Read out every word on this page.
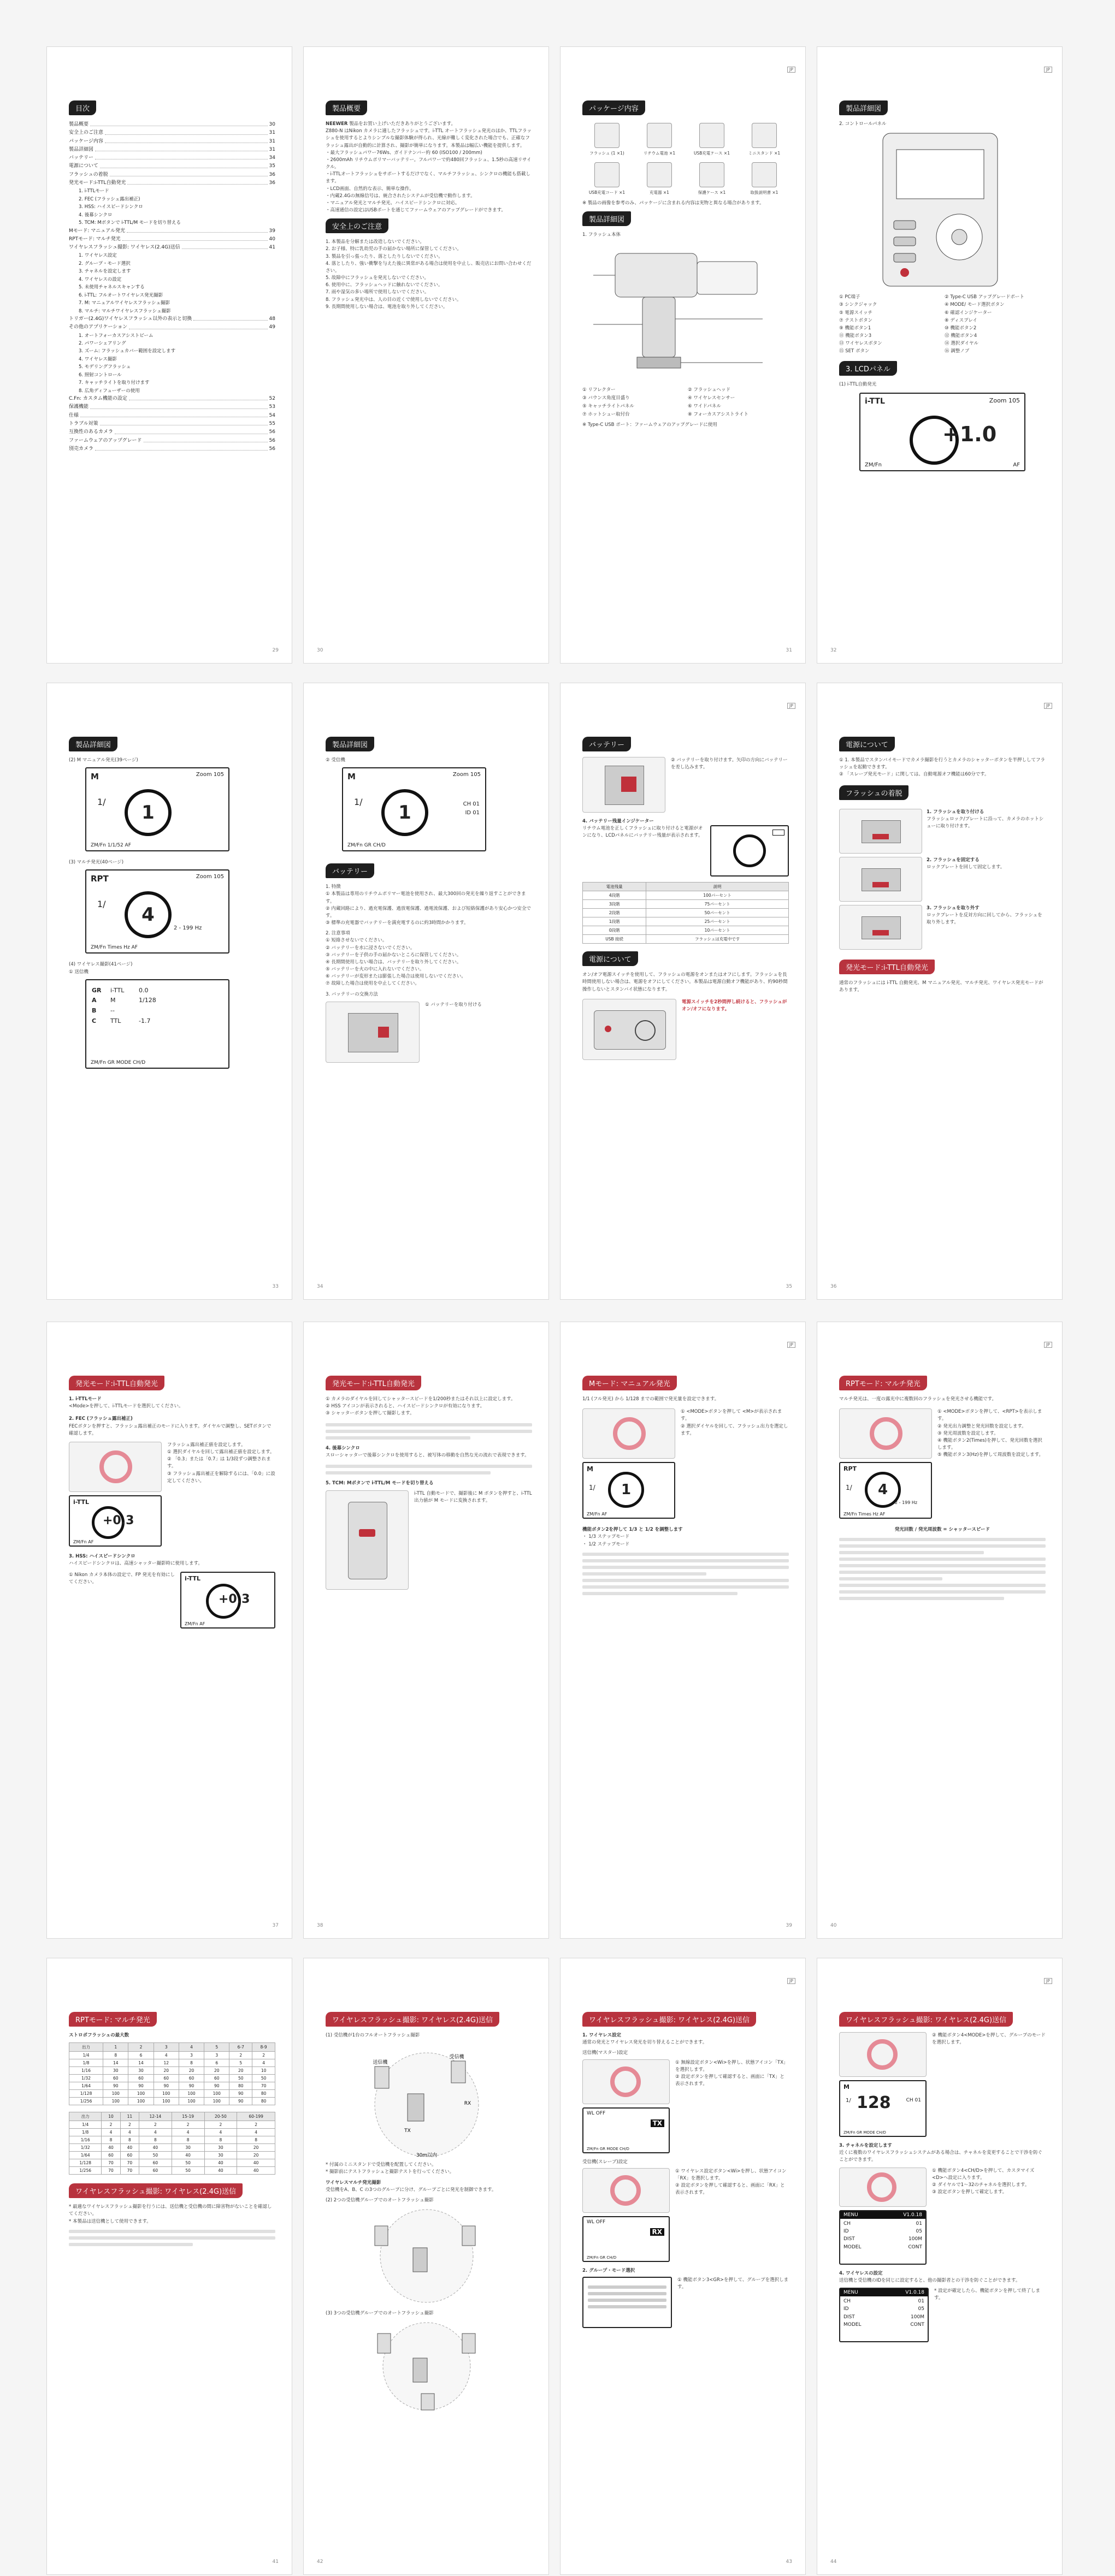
目次
製品概要	30
安全上のご注意	31
パッケージ内容	31
製品詳細図	31
バッテリー	34
電源について	35
フラッシュの着脱	36
発光モード:i-TTL自動発光	36
1. i-TTLモード
2. FEC (フラッシュ露出補正)
3. HSS: ハイスピードシンクロ
4. 後幕シンクロ
5. TCM: Mボタンで i-TTL/M モードを切り替える
Mモード: マニュアル発光	39
RPTモード: マルチ発光	40
ワイヤレスフラッシュ撮影: ワイヤレス(2.4G)送信	41
1. ワイヤレス設定
2. グループ・モード選択
3. チャネルを設定します
4. ワイヤレスの設定
5. 未使用チャネルスキャンする
6. i-TTL: フルオートワイヤレス発光撮影
7. M: マニュアルワイヤレスフラッシュ撮影
8. マルチ: マルチワイヤレスフラッシュ撮影
トリガー(2.4G)ワイヤレスフラッシュ以外の表示と切換	48
その他のアプリケーション	49
1. オートフォーカスアシストビーム
2. パワーシェアリング
3. ズーム: フラッシュカバー範囲を設定します
4. ワイヤレス撮影
5. モデリングフラッシュ
6. 照射コントロール
7. キャッチライトを取り付けます
8. 広角ディフューザーの使用
C.Fn: カスタム機能の設定	52
保護機能	53
仕様	54
トラブル対策	55
互換性のあるカメラ	56
ファームウェアのアップグレード	56
別売カメラ	56
29
製品概要

NEEWER 製品をお買い上げいただきありがとうございます。

Z880-N はNikon カメラに適したフラッシュです。i-TTL オートフラッシュ発光のほか、TTLフラッシュを使用するとよりシンプルな撮影体験が得られ、光線が難しく変化された場合でも、正確なフラッシュ露出が自動的に計算され、撮影が簡単になります。本製品は幅広い機能を提供します。

・最大フラッシュパワー76Ws、ガイドナンバー約 60 (ISO100 / 200mm)

・2600mAh リチウムポリマーバッテリー。フルパワーで約480回フラッシュ、1.5秒の高速リサイクル。

・i-TTLオートフラッシュをサポートするだけでなく、マルチフラッシュ、シンクロの機能も搭載します。

・LCD画面、自然的な表示、簡単な操作。

・内蔵2.4Gの無線信号は、統合されたシステムが受信機で動作します。

・マニュアル発光とマルチ発光、ハイスピードシンクロに対応。

・高速通信の設定はUSBポートを通じてファームウェアのアップグレードができます。

安全上のご注意

1. 本製品を分解または改造しないでください。

2. お子様、特に乳幼児の手の届かない場所に保管してください。

3. 製品を引っ張ったり、落としたりしないでください。

4. 落としたり、強い衝撃を与えた後に異常がある場合は使用を中止し、販売店にお問い合わせください。

5. 故障中にフラッシュを発光しないでください。

6. 使用中に、フラッシュヘッドに触れないでください。

7. 雨や湿気の多い場所で使用しないでください。

8. フラッシュ発光中は、人の目の近くで使用しないでください。

9. 長期間使用しない場合は、電池を取り外してください。

30
JP
パッケージ内容
フラッシュ (1 ×1)	リチウム電池 ×1	USB充電ケース ×1	ミニスタンド ×1
USB充電コード ×1	充電器 ×1	保護ケース ×1	取扱説明書 ×1

※ 製品の画像を参考のみ、パッケージに含まれる内容は実物と異なる場合があります。

製品詳細図

1. フラッシュ本体

① リフレクター	② フラッシュヘッド

③ バウンス角度目盛り	④ ワイヤレスセンサー

⑤ キャッチライトパネル	⑥ ワイドパネル

⑦ ホットシュー取付台	⑧ フォーカスアシストライト

※ Type-C USB ポート：ファームウェアのアップグレードに使用

31
JP
製品詳細図

2. コントロールパネル

① PC端子	② Type-C USB アップグレードポート

③ シンクジャック	④ MODE/ モード選択ボタン

⑤ 電源スイッチ	⑥ 確認インジケーター

⑦ テストボタン	⑧ ディスプレイ

⑨ 機能ボタン1	⑩ 機能ボタン2

⑪ 機能ボタン3	⑫ 機能ボタン4

⑬ ワイヤレスボタン	⑭ 選択ダイヤル

⑮ SET ボタン	⑯ 調整ノブ

3. LCDパネル

(1) i-TTL自動発光

i-TTL	Zoom 105
+1.0
ZM/Fn	AF
32
製品詳細図

(2) M マニュアル発光(39ページ)

M	Zoom 105
1/	1
ZM/Fn 1/1/52 AF

(3) マルチ発光(40ページ)

RPT	Zoom 105
1/	4
2 - 199 Hz
ZM/Fn Times Hz AF

(4) ワイヤレス撮影(41ページ)

① 送信機

GR	i-TTL	0.0
A	M	1/128
B	--
C	TTL	-1.7
ZM/Fn GR MODE CH/D
33
製品詳細図

② 受信機

M	Zoom 105
1/	1	CH 01
ID 01
ZM/Fn GR CH/D
バッテリー

1. 特徴

① 本製品は専用のリチウムポリマー電池を使用され、最大300回の発光を繰り返すことができます。

② 内蔵回路により、過充電保護、過放電保護、過電流保護、および短絡保護があり安心かつ安全です。

③ 標準の充電器でバッテリーを満充電するのに約3時間かかります。

2. 注意事項

① 短絡させないでください。

② バッテリーを水に浸さないでください。

③ バッテリーを子供の手の届かないところに保管してください。

④ 長期間使用しない場合は、バッテリーを取り外してください。

⑤ バッテリーを火の中に入れないでください。

⑥ バッテリーが変形または膨張した場合は使用しないでください。

⑦ 故障した場合は使用を中止してください。

3. バッテリーの交換方法

① バッテリーを取り付ける

34
JP
バッテリー

② バッテリーを取り付けます。矢印の方向にバッテリーを差し込みます。

4. バッテリー残量インジケーター

リチウム電池を正しくフラッシュに取り付けると電源がオンになり、LCDパネルにバッテリー残量が表示されます。

電池残量	説明
4段階	100パーセント
3段階	75パーセント
2段階	50パーセント
1段階	25パーセント
0段階	10パーセント
USB 接続	フラッシュは充電中です
電源について

オン/オフ電源スイッチを使用して、フラッシュの電源をオンまたはオフにします。フラッシュを長時間使用しない場合は、電源をオフにしてください。本製品は電源自動オフ機能があり、約90秒間操作しないとスタンバイ状態になります。

電源スイッチを2秒間押し続けると、フラッシュがオン/オフになります。

35
JP
電源について

① 1. 本製品でスタンバイモードでカメラ撮影を行うとカメラのシャッターボタンを半押ししてフラッシュを起動できます。

② 「スレーブ発光モード」に関しては、自動電源オフ機能は60分です。

フラッシュの着脱

1. フラッシュを取り付ける

フラッシュロック/プレートに沿って、カメラのホットシューに取り付けます。

2. フラッシュを固定する

ロックプレートを回して固定します。

3. フラッシュを取り外す

ロックプレートを反対方向に回してから、フラッシュを取り外します。

発光モード:i-TTL自動発光

通常のフラッシュには i-TTL 自動発光、M マニュアル発光、マルチ発光、ワイヤレス発光モードがあります。

36
発光モード:i-TTL自動発光

1. i-TTLモード

<Mode>を押して、i-TTLモードを選択してください。

2. FEC (フラッシュ露出補正)

FECボタンを押すと、フラッシュ露出補正のモードに入ります。ダイヤルで調整し、SETボタンで確認します。

i-TTL
+0.3
ZM/Fn AF

フラッシュ露出補正値を設定します。

① 選択ダイヤルを回して露出補正値を設定します。

② 「0.3」または「0.7」は 1/3段ずつ調整されます。

③ フラッシュ露出補正を解除するには、「0.0」に設定してください。

3. HSS: ハイスピードシンクロ

ハイスピードシンクロは、高速シャッター撮影時に使用します。

① Nikon カメラ本体の設定で、FP 発光を有効にしてください。

i-TTL
+0.3
ZM/Fn AF
37
発光モード:i-TTL自動発光

① カメラのダイヤルを回してシャッタースピードを1/200秒またはそれ以上に設定します。

② HSS アイコンが表示されると、ハイスピードシンクロが有効になります。

③ シャッターボタンを押して撮影します。

4. 後幕シンクロ

スローシャッターで後幕シンクロを使用すると、被写体の移動を自然な光の流れで表現できます。

5. TCM: Mボタンで i-TTL/M モードを切り替える

i-TTL 自動モードで、撮影後に M ボタンを押すと、i-TTL 出力値が M モードに変換されます。

38
JP
Mモード: マニュアル発光

1/1 (フル発光) から 1/128 までの範囲で発光量を設定できます。

M
1/	1
ZM/Fn AF

① <MODE>ボタンを押して <M>が表示されます。

② 選択ダイヤルを回して、フラッシュ出力を選定します。

機能ボタン2を押して 1/3 と 1/2 を調整します

・ 1/3 ステップモード

・ 1/2 ステップモード

39
JP
RPTモード: マルチ発光

マルチ発光は、一度の露光中に複数回のフラッシュを発光させる機能です。

RPT
1/	4
2 - 199 Hz
ZM/Fn Times Hz AF

① <MODE>ボタンを押して、<RPT>を表示します。

② 発光出力調整と発光回数を設定します。

③ 発光周波数を設定します。

④ 機能ボタン2(Times)を押して、発光回数を選択します。

⑤ 機能ボタン3(Hz)を押して周波数を設定します。

発光回数 / 発光周波数 = シャッタースピード

40
RPTモード: マルチ発光

ストロボフラッシュの最大数

出力	1	2	3	4	5	6-7	8-9
1/4	8	6	4	3	3	2	2
1/8	14	14	12	8	6	5	4
1/16	30	30	20	20	20	20	10
1/32	60	60	60	60	60	50	50
1/64	90	90	90	90	90	80	70
1/128	100	100	100	100	100	90	80
1/256	100	100	100	100	100	90	80
出力	10	11	12-14	15-19	20-50	60-199
1/4	2	2	2	2	2	2
1/8	4	4	4	4	4	4
1/16	8	8	8	8	8	8
1/32	40	40	40	30	30	20
1/64	60	60	50	40	30	20
1/128	70	70	60	50	40	40
1/256	70	70	60	50	40	40
ワイヤレスフラッシュ撮影: ワイヤレス(2.4G)送信

* 最適なワイヤレスフラッシュ撮影を行うには、送信機と受信機の間に障害物がないことを確認してください。

* 本製品は送信機として使用できます。

41
ワイヤレスフラッシュ撮影: ワイヤレス(2.4G)送信

(1) 受信機が1台のフルオートフラッシュ撮影

送信機
受信機
TX
RX
30m以内

* 付属のミニスタンドで受信機を配置してください。

* 撮影前にテストフラッシュと撮影テストを行ってください。

ワイヤレスマルチ発光撮影

受信機をA、B、C の3つのグループに分け、グループごとに発光を制御できます。

(2) 2つの受信機グループでのオートフラッシュ撮影

(3) 3つの受信機グループでのオートフラッシュ撮影

42
JP
ワイヤレスフラッシュ撮影: ワイヤレス(2.4G)送信

1. ワイヤレス設定

通常の発光とワイヤレス発光を切り替えることができます。

送信機(マスター)設定

WL OFF
TX
ZM/Fn GR MODE CH/D

① 無線設定ボタン<Wi>を押し、状態アイコン「TX」を選択します。

② 設定ボタンを押して確認すると、画面に「TX」と表示されます。

受信機(スレーブ)設定

WL OFF
RX
ZM/Fn GR CH/D

① ワイヤレス設定ボタン<Wi>を押し、状態アイコン「RX」を選択します。

② 設定ボタンを押して確認すると、画面に「RX」と表示されます。

2. グループ・モード選択

① 機能ボタン3<GR>を押して、グループを選択します。

43
JP
ワイヤレスフラッシュ撮影: ワイヤレス(2.4G)送信
M
1/ 128	CH 01
ZM/Fn GR MODE CH/D

② 機能ボタン4<MODE>を押して、グループのモードを選択します。

3. チャネルを設定します

近くに複数のワイヤレスフラッシュシステムがある場合は、チャネルを変更することで干渉を防ぐことができます。

MENU	V1.0.18
CH	01
ID	05
DIST	100M
MODEL	CONT

① 機能ボタン4<CH/D>を押して、カスタマイズ<D>へ設定に入ります。

② ダイヤルで1〜32のチャネルを選択します。

③ 設定ボタンを押して確定します。

4. ワイヤレスの設定

送信機と受信機のIDを同じに設定すると、他の撮影者との干渉を防ぐことができます。

MENU	V1.0.18
CH	01
ID	05
DIST	100M
MODEL	CONT

* 設定が確定したら、機能ボタンを押して終了します。

44
